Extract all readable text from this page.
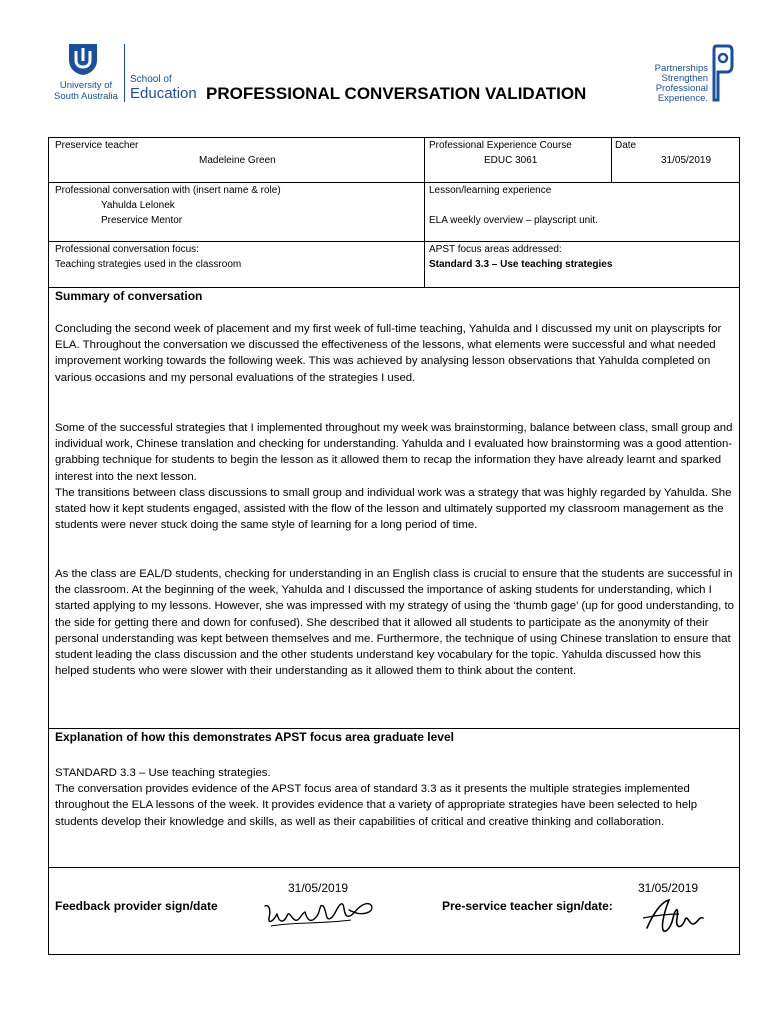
University of
South Australia
School of
Education PROFESSIONAL CONVERSATION VALIDATION
Partnerships
Strengthen
Professional
Experience.
Preservice teacher
Madeleine Green
Professional Experience Course
EDUC 3061
Date
31/05/2019
Professional conversation with (insert name & role)
Yahulda Lelonek
Preservice Mentor
Lesson/learning experience
ELA weekly overview – playscript unit.
Professional conversation focus:
Teaching strategies used in the classroom
APST focus areas addressed:
Standard 3.3 – Use teaching strategies
Summary of conversation

Concluding the second week of placement and my first week of full-time teaching, Yahulda and I discussed my unit on playscripts for ELA. Throughout the conversation we discussed the effectiveness of the lessons, what elements were successful and what needed improvement working towards the following week. This was achieved by analysing lesson observations that Yahulda completed on various occasions and my personal evaluations of the strategies I used.

Some of the successful strategies that I implemented throughout my week was brainstorming, balance between class, small group and individual work, Chinese translation and checking for understanding. Yahulda and I evaluated how brainstorming was a good attention-grabbing technique for students to begin the lesson as it allowed them to recap the information they have already learnt and sparked interest into the next lesson.

The transitions between class discussions to small group and individual work was a strategy that was highly regarded by Yahulda. She stated how it kept students engaged, assisted with the flow of the lesson and ultimately supported my classroom management as the students were never stuck doing the same style of learning for a long period of time.

As the class are EAL/D students, checking for understanding in an English class is crucial to ensure that the students are successful in the classroom. At the beginning of the week, Yahulda and I discussed the importance of asking students for understanding, which I started applying to my lessons. However, she was impressed with my strategy of using the ‘thumb gage’ (up for good understanding, to the side for getting there and down for confused). She described that it allowed all students to participate as the anonymity of their personal understanding was kept between themselves and me. Furthermore, the technique of using Chinese translation to ensure that student leading the class discussion and the other students understand key vocabulary for the topic. Yahulda discussed how this helped students who were slower with their understanding as it allowed them to think about the content.

Explanation of how this demonstrates APST focus area graduate level

STANDARD 3.3 – Use teaching strategies.

The conversation provides evidence of the APST focus area of standard 3.3 as it presents the multiple strategies implemented throughout the ELA lessons of the week. It provides evidence that a variety of appropriate strategies have been selected to help students develop their knowledge and skills, as well as their capabilities of critical and creative thinking and collaboration.

31/05/2019
Feedback provider sign/date
31/05/2019
Pre-service teacher sign/date:
